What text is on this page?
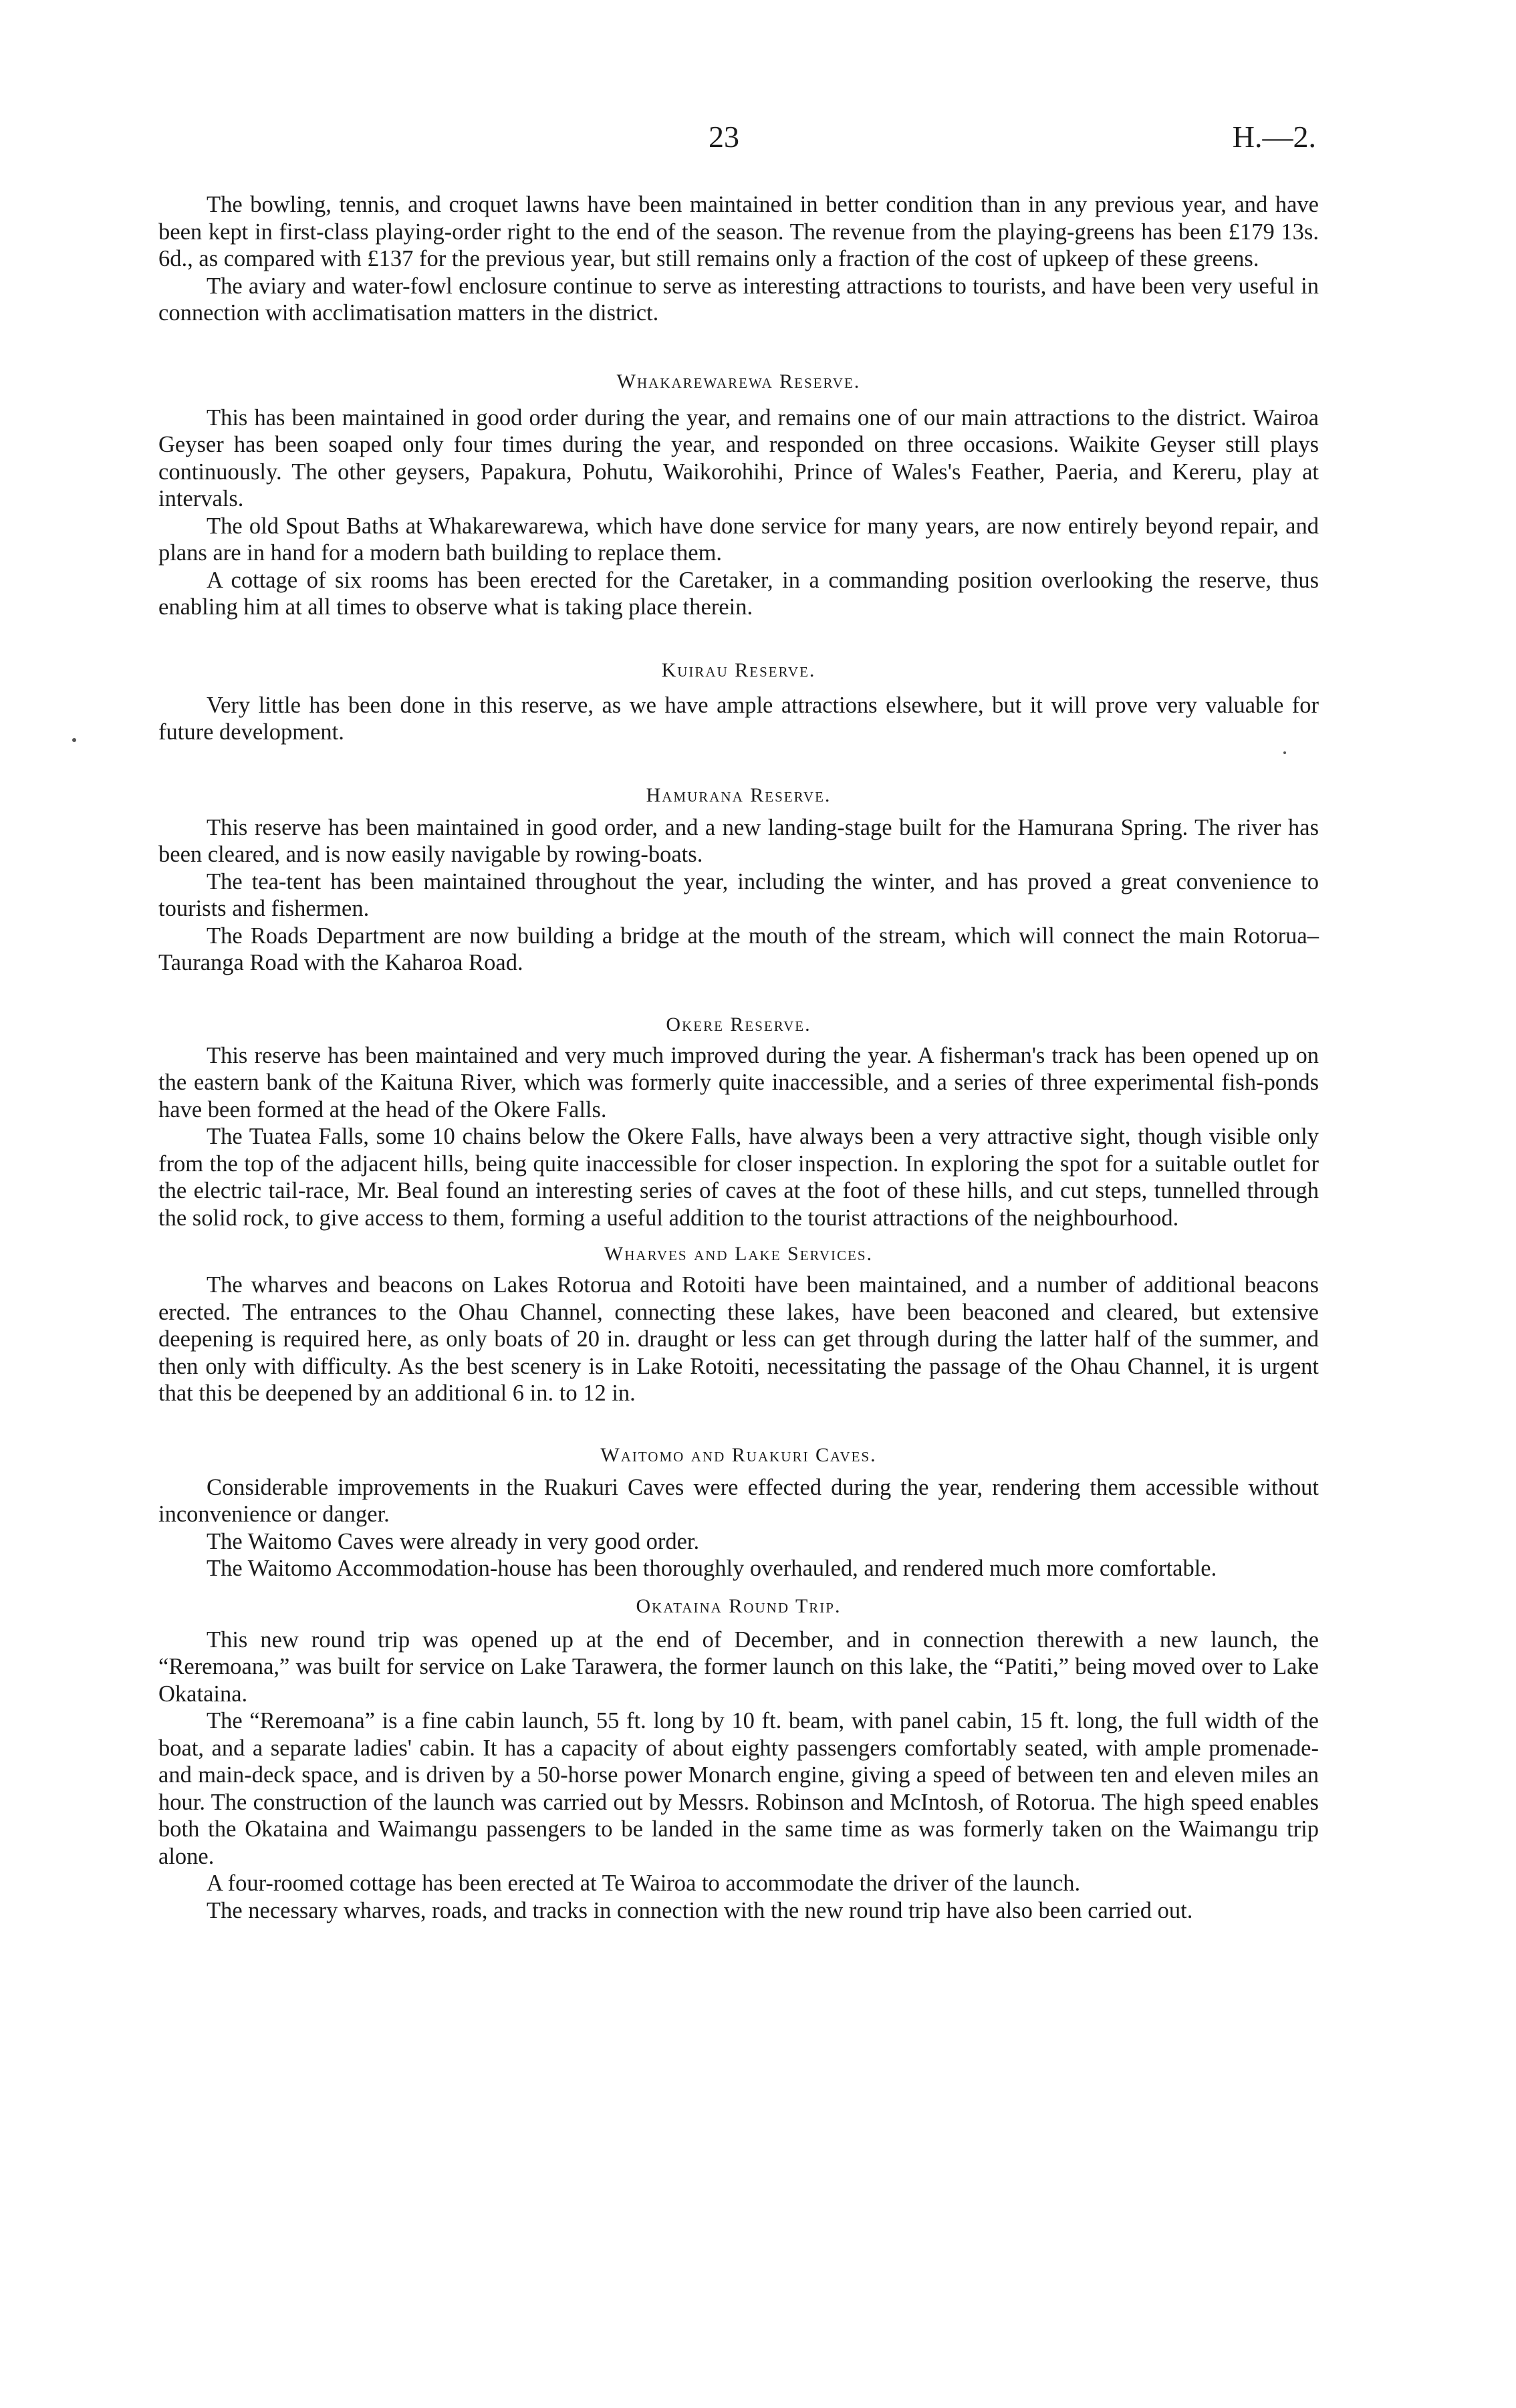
23	H.—2.

The bowling, tennis, and croquet lawns have been maintained in better condition than in any previous year, and have been kept in first-class playing-order right to the end of the season. The revenue from the playing-greens has been £179 13s. 6d., as compared with £137 for the previous year, but still remains only a fraction of the cost of upkeep of these greens.

The aviary and water-fowl enclosure continue to serve as interesting attractions to tourists, and have been very useful in connection with acclimatisation matters in the district.

Whakarewarewa Reserve.

This has been maintained in good order during the year, and remains one of our main attractions to the district. Wairoa Geyser has been soaped only four times during the year, and responded on three occasions. Waikite Geyser still plays continuously. The other geysers, Papakura, Pohutu, Waikorohihi, Prince of Wales's Feather, Paeria, and Kereru, play at intervals.

The old Spout Baths at Whakarewarewa, which have done service for many years, are now entirely beyond repair, and plans are in hand for a modern bath building to replace them.

A cottage of six rooms has been erected for the Caretaker, in a commanding position overlooking the reserve, thus enabling him at all times to observe what is taking place therein.

Kuirau Reserve.

Very little has been done in this reserve, as we have ample attractions elsewhere, but it will prove very valuable for future development.

Hamurana Reserve.

This reserve has been maintained in good order, and a new landing-stage built for the Hamurana Spring. The river has been cleared, and is now easily navigable by rowing-boats.

The tea-tent has been maintained throughout the year, including the winter, and has proved a great convenience to tourists and fishermen.

The Roads Department are now building a bridge at the mouth of the stream, which will connect the main Rotorua–Tauranga Road with the Kaharoa Road.

Okere Reserve.

This reserve has been maintained and very much improved during the year. A fisherman's track has been opened up on the eastern bank of the Kaituna River, which was formerly quite inaccessible, and a series of three experimental fish-ponds have been formed at the head of the Okere Falls.

The Tuatea Falls, some 10 chains below the Okere Falls, have always been a very attractive sight, though visible only from the top of the adjacent hills, being quite inaccessible for closer inspection. In exploring the spot for a suitable outlet for the electric tail-race, Mr. Beal found an interesting series of caves at the foot of these hills, and cut steps, tunnelled through the solid rock, to give access to them, forming a useful addition to the tourist attractions of the neighbourhood.

Wharves and Lake Services.

The wharves and beacons on Lakes Rotorua and Rotoiti have been maintained, and a number of additional beacons erected. The entrances to the Ohau Channel, connecting these lakes, have been beaconed and cleared, but extensive deepening is required here, as only boats of 20 in. draught or less can get through during the latter half of the summer, and then only with difficulty. As the best scenery is in Lake Rotoiti, necessitating the passage of the Ohau Channel, it is urgent that this be deepened by an additional 6 in. to 12 in.

Waitomo and Ruakuri Caves.

Considerable improvements in the Ruakuri Caves were effected during the year, rendering them accessible without inconvenience or danger.

The Waitomo Caves were already in very good order.

The Waitomo Accommodation-house has been thoroughly overhauled, and rendered much more comfortable.

Okataina Round Trip.

This new round trip was opened up at the end of December, and in connection therewith a new launch, the “Reremoana,” was built for service on Lake Tarawera, the former launch on this lake, the “Patiti,” being moved over to Lake Okataina.

The “Reremoana” is a fine cabin launch, 55 ft. long by 10 ft. beam, with panel cabin, 15 ft. long, the full width of the boat, and a separate ladies' cabin. It has a capacity of about eighty passengers comfortably seated, with ample promenade- and main-deck space, and is driven by a 50-horse power Monarch engine, giving a speed of between ten and eleven miles an hour. The construction of the launch was carried out by Messrs. Robinson and McIntosh, of Rotorua. The high speed enables both the Okataina and Waimangu passengers to be landed in the same time as was formerly taken on the Waimangu trip alone.

A four-roomed cottage has been erected at Te Wairoa to accommodate the driver of the launch.

The necessary wharves, roads, and tracks in connection with the new round trip have also been carried out.
